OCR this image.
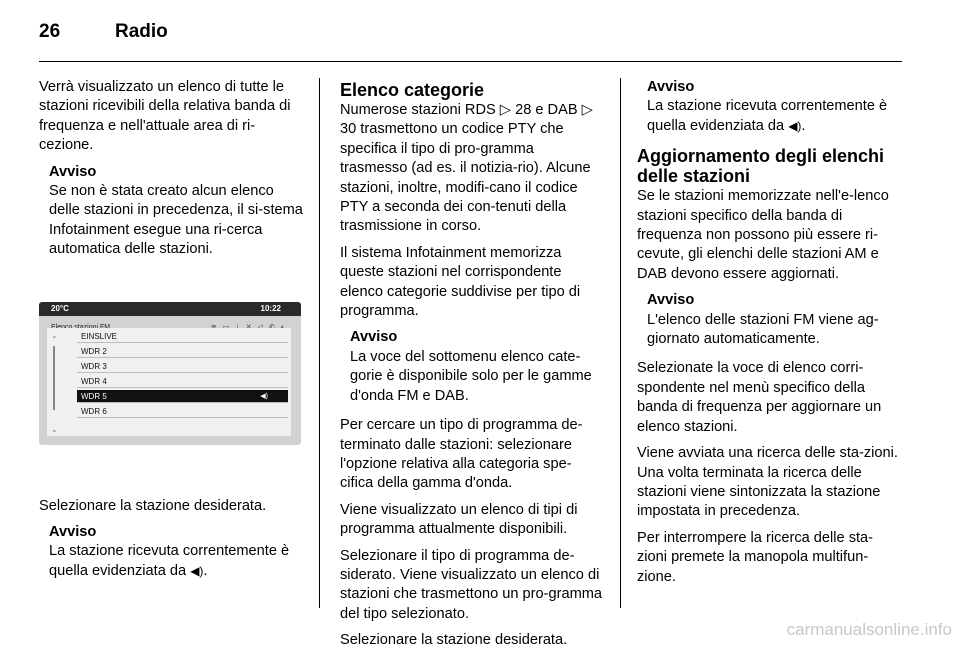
26	Radio

Verrà visualizzato un elenco di tutte le stazioni ricevibili della relativa banda di frequenza e nell'attuale area di ri-cezione.

Avviso
Se non è stata creato alcun elenco delle stazioni in precedenza, il si-stema Infotainment esegue una ri-cerca automatica delle stazioni.
20°C	10:22
⌃
⌄
EINSLIVE
WDR 2
WDR 3
WDR 4
WDR 5	◀)
WDR 6

Selezionare la stazione desiderata.

Avviso
La stazione ricevuta correntemente è quella evidenziata da ◀).
Elenco categorie

Numerose stazioni RDS ▷ 28 e DAB ▷ 30 trasmettono un codice PTY che specifica il tipo di pro-gramma trasmesso (ad es. il notizia-rio). Alcune stazioni, inoltre, modifi-cano il codice PTY a seconda dei con-tenuti della trasmissione in corso.

Il sistema Infotainment memorizza queste stazioni nel corrispondente elenco categorie suddivise per tipo di programma.

Avviso
La voce del sottomenu elenco cate-gorie è disponibile solo per le gamme d'onda FM e DAB.

Per cercare un tipo di programma de-terminato dalle stazioni: selezionare l'opzione relativa alla categoria spe-cifica della gamma d'onda.

Viene visualizzato un elenco di tipi di programma attualmente disponibili.

Selezionare il tipo di programma de-siderato. Viene visualizzato un elenco di stazioni che trasmettono un pro-gramma del tipo selezionato.

Selezionare la stazione desiderata.

Avviso
La stazione ricevuta correntemente è quella evidenziata da ◀).
Aggiornamento degli elenchi delle stazioni

Se le stazioni memorizzate nell'e-lenco stazioni specifico della banda di frequenza non possono più essere ri-cevute, gli elenchi delle stazioni AM e DAB devono essere aggiornati.

Avviso
L'elenco delle stazioni FM viene ag-giornato automaticamente.

Selezionate la voce di elenco corri-spondente nel menù specifico della banda di frequenza per aggiornare un elenco stazioni.

Viene avviata una ricerca delle sta-zioni. Una volta terminata la ricerca delle stazioni viene sintonizzata la stazione impostata in precedenza.

Per interrompere la ricerca delle sta-zioni premete la manopola multifun-zione.

carmanualsonline.info
